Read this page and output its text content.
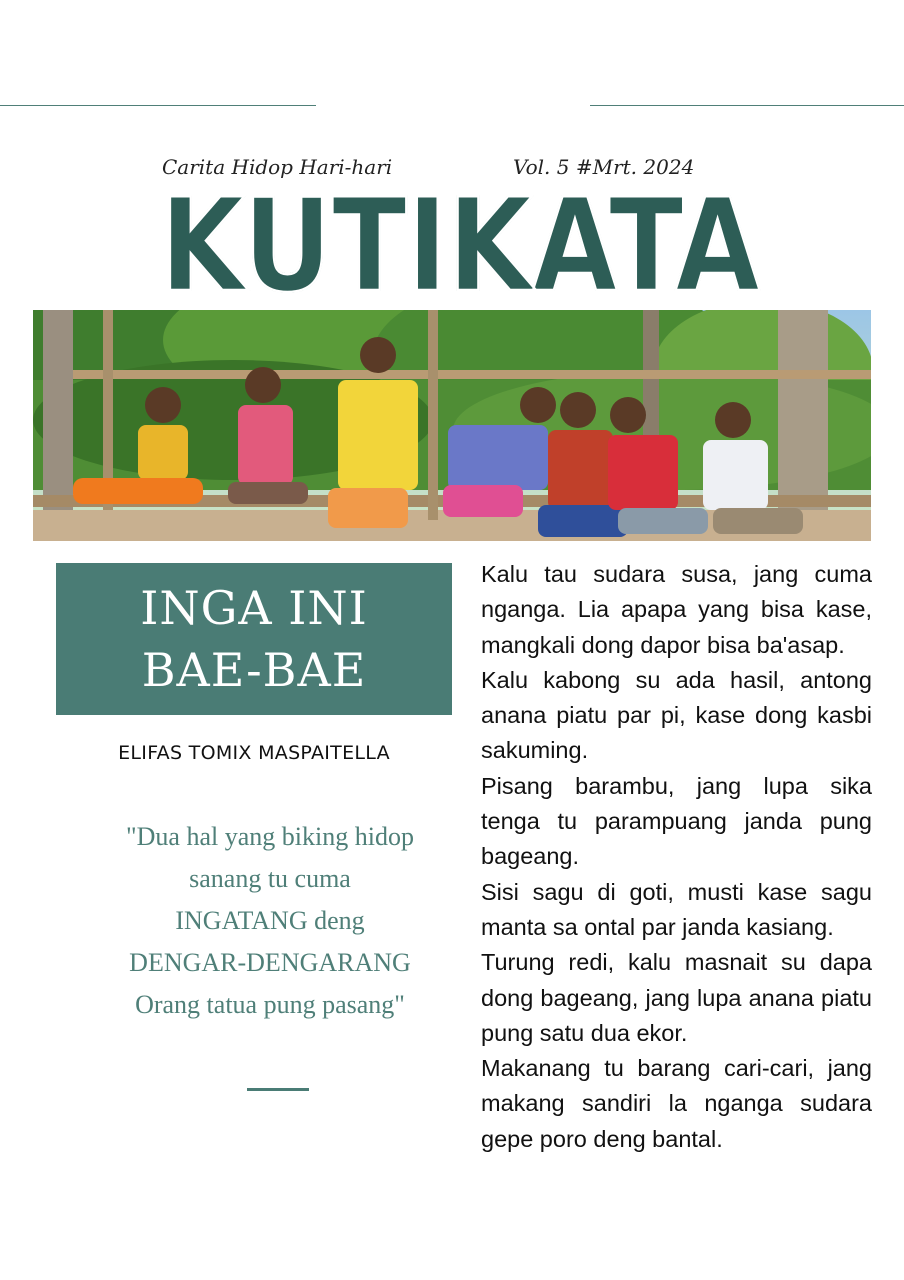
Carita Hidop Hari-hari	Vol. 5 #Mrt. 2024
KUTIKATA
KUTIKATA
INGA INI
BAE-BAE
ELIFAS TOMIX MASPAITELLA
"Dua hal yang biking hidop
sanang tu cuma
INGATANG deng
DENGAR-DENGARANG
Orang tatua pung pasang"

Kalu tau sudara susa, jang cuma nganga. Lia apapa yang bisa kase, mangkali dong dapor bisa ba'asap.

Kalu kabong su ada hasil, antong anana piatu par pi, kase dong kasbi sakuming.

Pisang barambu, jang lupa sika tenga tu parampuang janda pung bageang.

Sisi sagu di goti, musti kase sagu manta sa ontal par janda kasiang.

Turung redi, kalu masnait su dapa dong bageang, jang lupa anana piatu pung satu dua ekor.

Makanang tu barang cari-cari, jang makang sandiri la nganga sudara gepe poro deng bantal.
